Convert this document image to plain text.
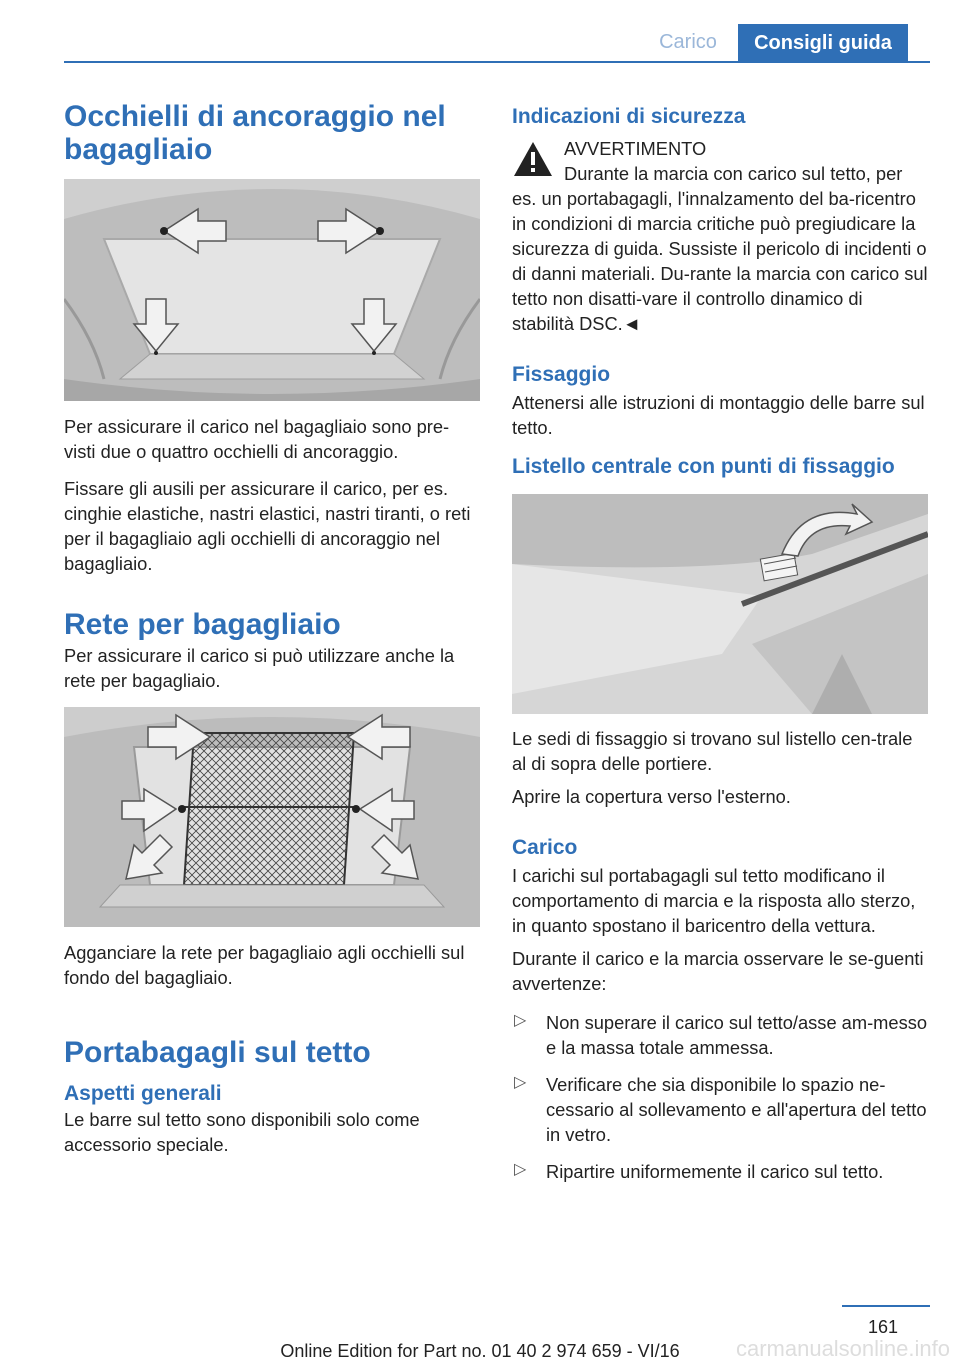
Carico	Consigli guida
Occhielli di ancoraggio nel bagagliaio

Per assicurare il carico nel bagagliaio sono pre-visti due o quattro occhielli di ancoraggio.

Fissare gli ausili per assicurare il carico, per es. cinghie elastiche, nastri elastici, nastri tiranti, o reti per il bagagliaio agli occhielli di ancoraggio nel bagagliaio.

Rete per bagagliaio

Per assicurare il carico si può utilizzare anche la rete per bagagliaio.

Agganciare la rete per bagagliaio agli occhielli sul fondo del bagagliaio.

Portabagagli sul tetto
Aspetti generali

Le barre sul tetto sono disponibili solo come accessorio speciale.

Indicazioni di sicurezza

AVVERTIMENTO

Durante la marcia con carico sul tetto, per es. un portabagagli, l'innalzamento del ba-ricentro in condizioni di marcia critiche può pregiudicare la sicurezza di guida. Sussiste il pericolo di incidenti o di danni materiali. Du-rante la marcia con carico sul tetto non disatti-vare il controllo dinamico di stabilità DSC.◄

Fissaggio

Attenersi alle istruzioni di montaggio delle barre sul tetto.

Listello centrale con punti di fissaggio

Le sedi di fissaggio si trovano sul listello cen-trale al di sopra delle portiere.

Aprire la copertura verso l'esterno.

Carico

I carichi sul portabagagli sul tetto modificano il comportamento di marcia e la risposta allo sterzo, in quanto spostano il baricentro della vettura.

Durante il carico e la marcia osservare le se-guenti avvertenze:

▷ Non superare il carico sul tetto/asse am-messo e la massa totale ammessa.

▷ Verificare che sia disponibile lo spazio ne-cessario al sollevamento e all'apertura del tetto in vetro.

▷ Ripartire uniformemente il carico sul tetto.

161
Online Edition for Part no. 01 40 2 974 659 - VI/16	carmanualsonline.info
